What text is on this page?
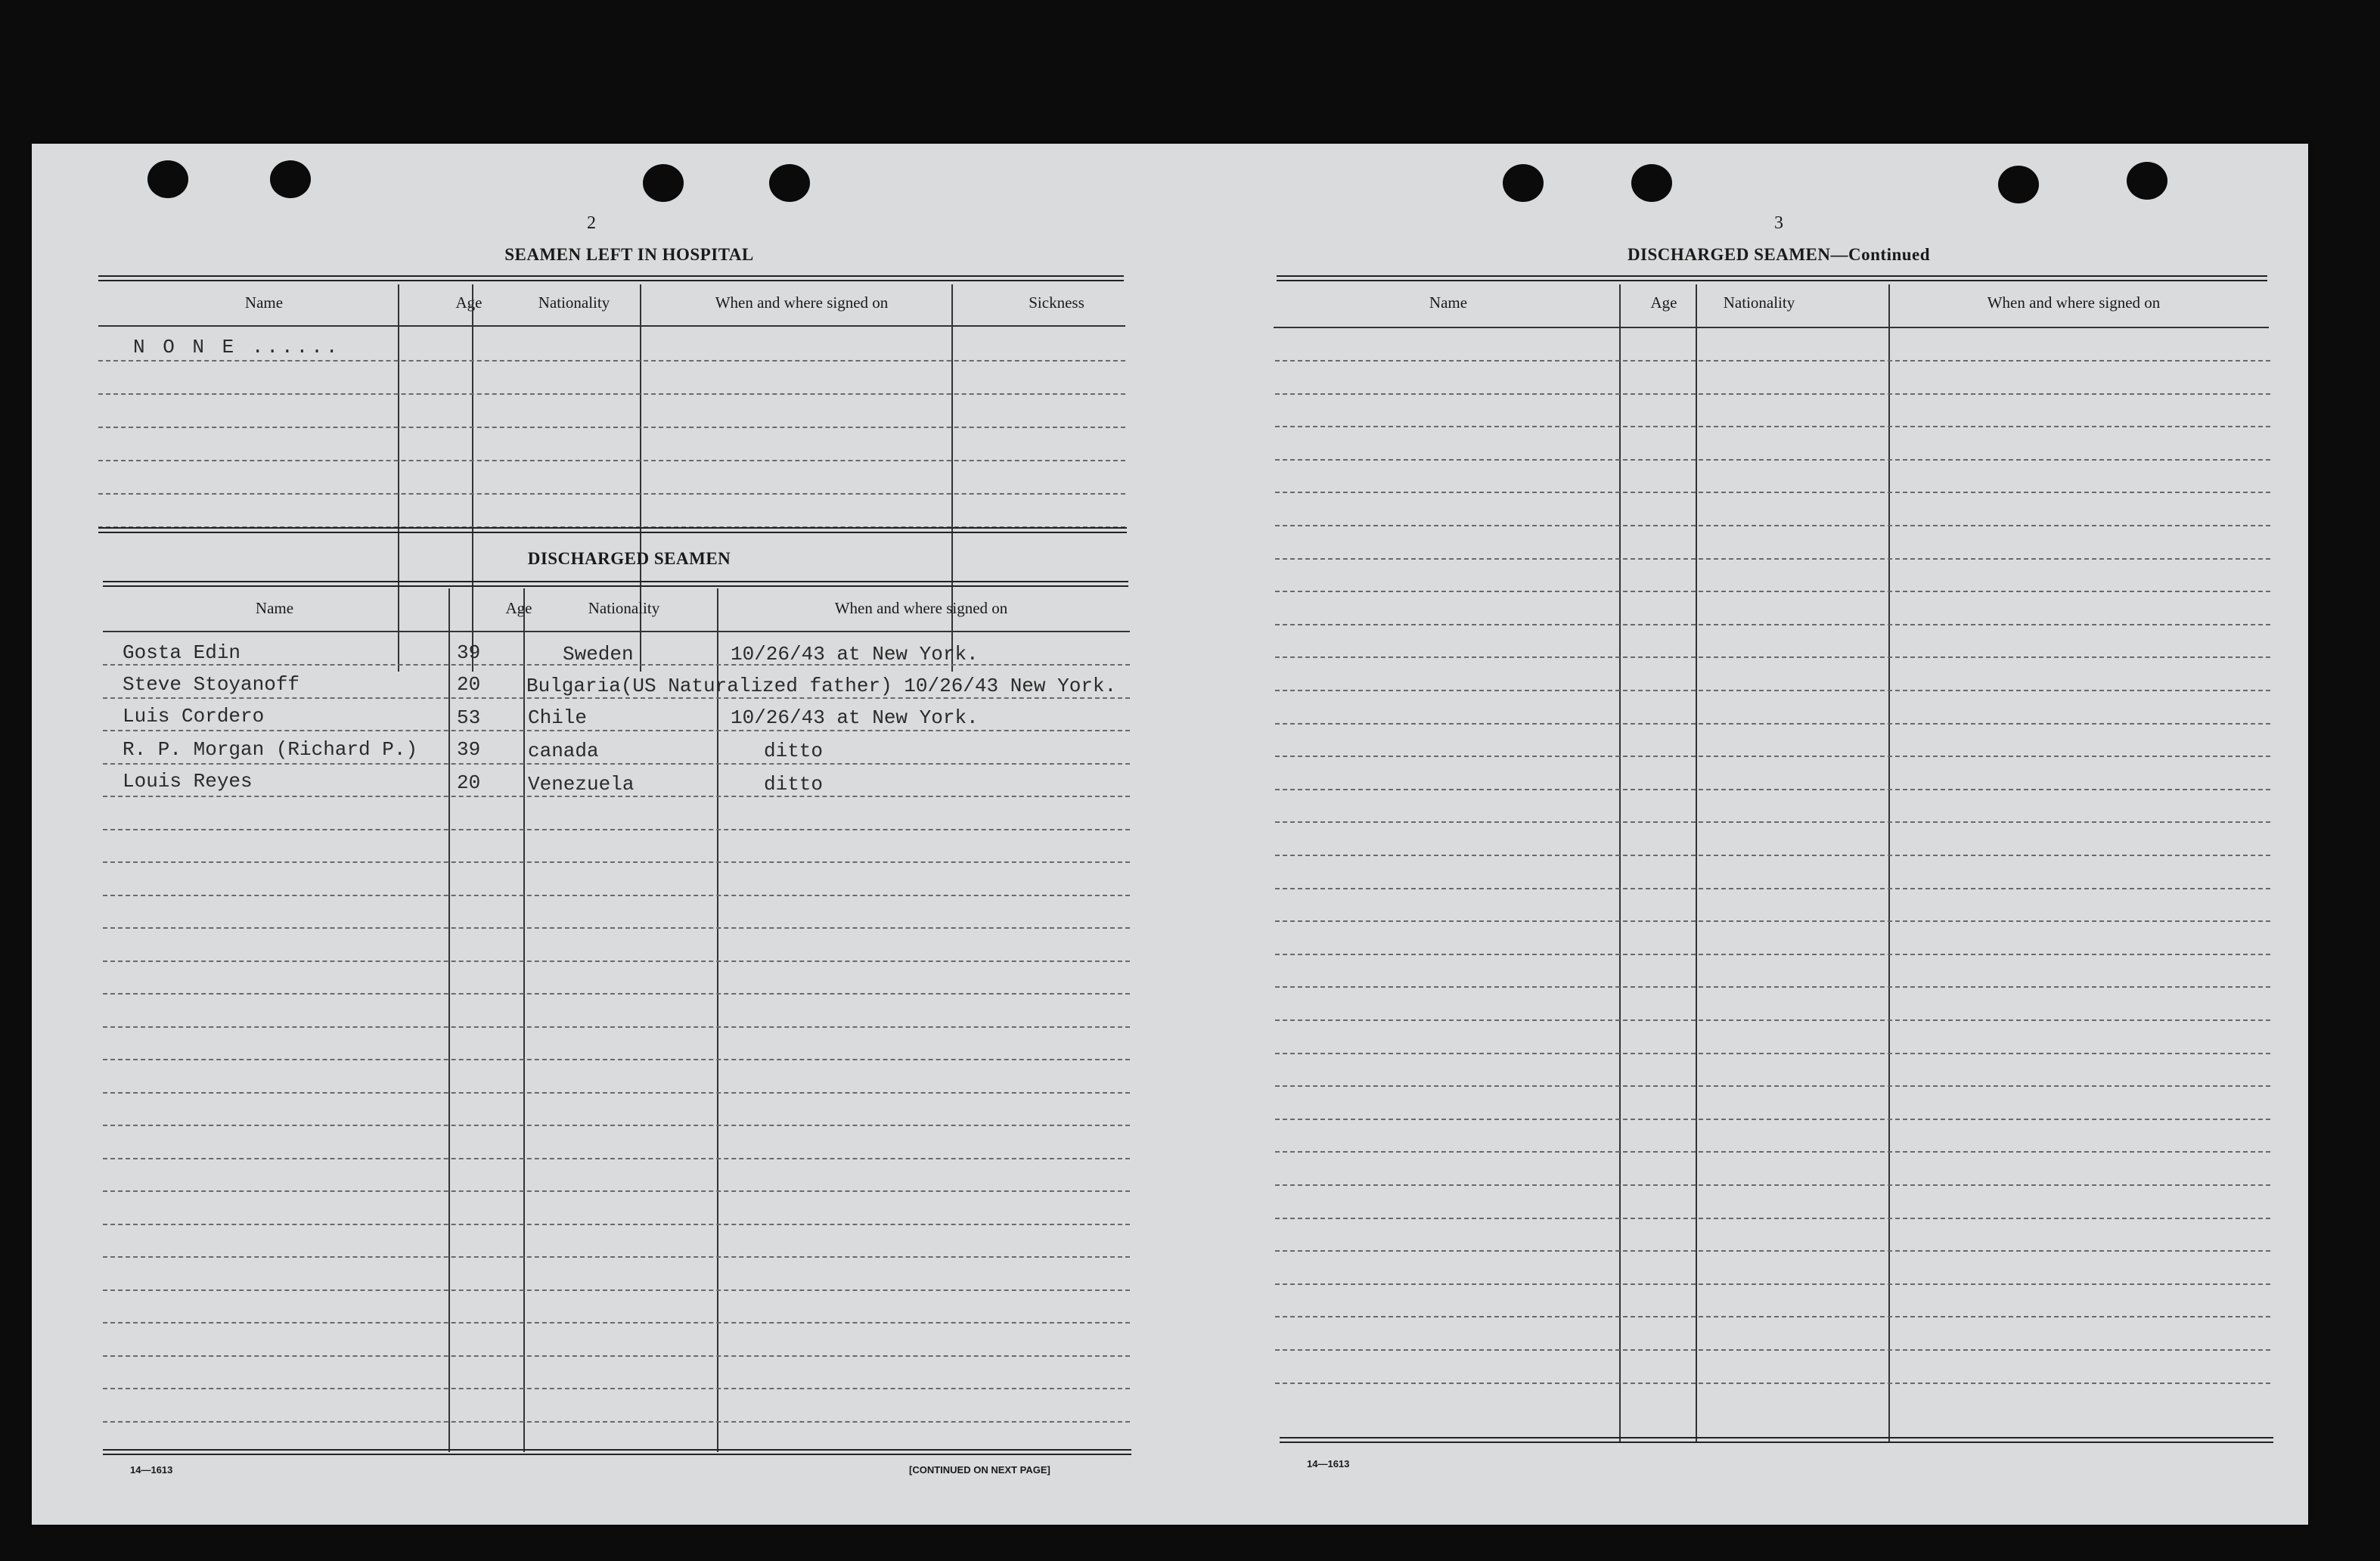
2
SEAMEN LEFT IN HOSPITAL
Name	Age	Nationality	When and where signed on	Sickness
N O N E ......
DISCHARGED SEAMEN
Name	Age	Nationality	When and where signed on
Gosta Edin	39	Sweden	10/26/43 at New York.
Steve Stoyanoff	20 Bulgaria(US Naturalized father) 10/26/43 New York.
Luis Cordero	53 Chile	10/26/43 at New York.
R. P. Morgan (Richard P.) 39 canada	ditto
Louis Reyes	20 Venezuela	ditto
14—1613	[CONTINUED ON NEXT PAGE]
3
DISCHARGED SEAMEN—Continued
Name	Age	Nationality	When and where signed on
14—1613
